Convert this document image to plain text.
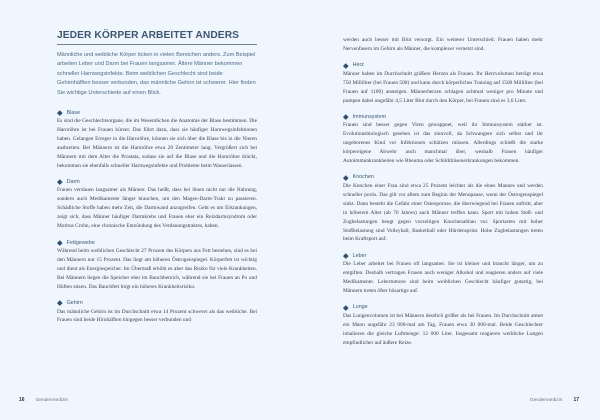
JEDER KÖRPER ARBEITET ANDERS

Männliche und weibliche Körper ticken in vielen Bereichen anders. Zum Beispiel arbeiten Leber und Darm bei Frauen langsamer. Ältere Männer bekommen schneller Harnwegsinfekte. Beim weiblichen Geschlecht sind beide Gehirnhälften besser verbunden, das männliche Gehirn ist schwerer. Hier finden Sie wichtige Unterschiede auf einen Blick.

Blase

Es sind die Geschlechtsorgane, die im Wesentlichen die Anatomie der Blase bestimmen. Die Harnröhre ist bei Frauen kürzer. Das führt dazu, dass sie häufiger Harnwegsinfektionen haben. Gelangen Erreger in die Harnröhre, können sie sich über die Blase bis in die Nieren ausbreiten. Bei Männern ist die Harnröhre etwa 20 Zentimeter lang. Vergrößert sich bei Männern mit dem Alter die Prostata, sodass sie auf die Blase und die Harnröhre drückt, bekommen sie ebenfalls schneller Harnwegsinfekte und Probleme beim Wasserlassen.

Darm

Frauen verdauen langsamer als Männer. Das heißt, dass bei ihnen nicht nur die Nahrung, sondern auch Medikamente länger brauchen, um den Magen-Darm-Trakt zu passieren. Schädliche Stoffe haben mehr Zeit, die Darmwand anzugreifen. Geht es um Erkrankungen, zeigt sich, dass Männer häufiger Darmkrebs und Frauen eher ein Reizdarmsyndrom oder Morbus Crohn, eine chronische Entzündung des Verdauungstraktes, haben.

Fettgewebe

Während beim weiblichen Geschlecht 27 Prozent des Körpers aus Fett bestehen, sind es bei den Männern nur 15 Prozent. Das liegt am höheren Östrogenspiegel. Körperfett ist wichtig und dient als Energiespeicher. Im Übermaß erhöht es aber das Risiko für viele Krankheiten. Bei Männern liegen die Speicher eher im Bauchbereich, während sie bei Frauen an Po und Hüften sitzen. Das Bauchfett birgt ein höheres Krankheitsrisiko.

Gehirn

Das männliche Gehirn ist im Durchschnitt etwa 14 Prozent schwerer als das weibliche. Bei Frauen sind beide Hirnhälften hingegen besser verbunden und

16 Gendermedizin

werden auch besser mit Blut versorgt. Ein weiterer Unterschied: Frauen haben mehr Nervenfasern im Gehirn als Männer, die komplexer vernetzt sind.

Herz

Männer haben im Durchschnitt größere Herzen als Frauen. Ihr Herzvolumen beträgt etwa 750 Milliliter (bei Frauen 500) und kann durch körperliches Training auf 1500 Milliliter (bei Frauen auf 1100) ansteigen. Männerherzen schlagen achtmal weniger pro Minute und pumpen dabei ungefähr 4,5 Liter Blut durch den Körper, bei Frauen sind es 3,6 Liter.

Immunsystem

Frauen sind besser gegen Viren gewappnet, weil ihr Immunsystem stärker ist. Evolutionsbiologisch gesehen ist das sinnvoll, da Schwangere sich selbst und ihr ungeborenes Kind vor Infektionen schützen müssen. Allerdings schießt die starke körpereigene Abwehr auch manchmal über, weshalb Frauen häufiger Autoimmunkrankheiten wie Rheuma oder Schilddrüsenerkrankungen bekommen.

Knochen

Die Knochen einer Frau sind etwa 25 Prozent leichter als die eines Mannes und werden schneller porös. Das gilt vor allem zum Beginn der Menopause, wenn der Östrogenspiegel sinkt. Dann besteht die Gefahr einer Osteoporose, die überwiegend bei Frauen auftritt, aber in höherem Alter (ab 70 Jahren) auch Männer treffen kann. Sport mit hohen Stoß- und Zugbelastungen beugt gegen vorzeitigen Knochenabbau vor. Sportarten mit hoher Stoßbelastung sind Volleyball, Basketball oder Hürdensprint. Hohe Zugbelastungen treten beim Kraftsport auf.

Leber

Die Leber arbeitet bei Frauen oft langsamer. Sie ist kleiner und braucht länger, um zu entgiften. Deshalb vertragen Frauen auch weniger Alkohol und reagieren anders auf viele Medikamente. Lebertumore sind beim weiblichen Geschlecht häufiger gutartig, bei Männern treten öfter bösartige auf.

Lunge

Das Lungenvolumen ist bei Männern deutlich größer als bei Frauen. Im Durchschnitt atmet ein Mann ungefähr 23 000-mal am Tag, Frauen etwa 30 000-mal. Beide Geschlechter inhalieren die gleiche Luftmenge: 12 000 Liter. Insgesamt reagieren weibliche Lungen empfindlicher auf äußere Reize.

Gendermedizin 17
